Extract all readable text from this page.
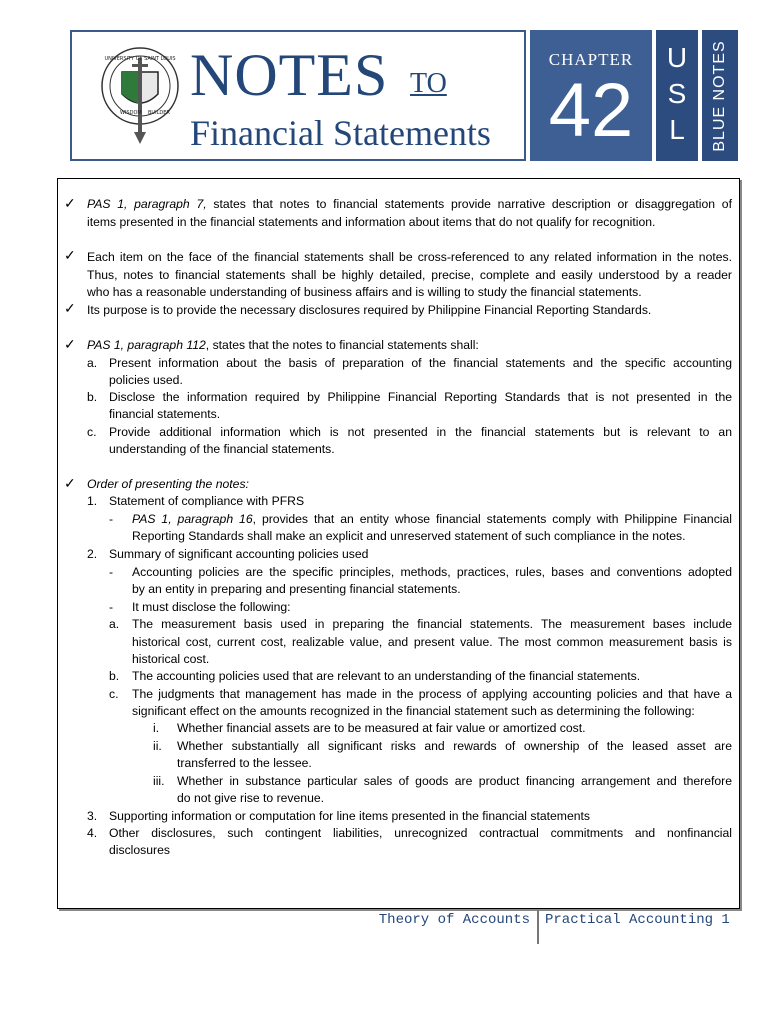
UNIVERSITY OF SAINT LOUIS
WISDOM BUILDER
NOTES TO
Financial Statements
CHAPTER
42
U
S
L	BLUE NOTES
✓ PAS 1, paragraph 7, states that notes to financial statements provide narrative description or disaggregation of
items presented in the financial statements and information about items that do not qualify for recognition.
✓ Each item on the face of the financial statements shall be cross-referenced to any related information in the notes.
Thus, notes to financial statements shall be highly detailed, precise, complete and easily understood by a reader
who has a reasonable understanding of business affairs and is willing to study the financial statements.
✓ Its purpose is to provide the necessary disclosures required by Philippine Financial Reporting Standards.
✓ PAS 1, paragraph 112, states that the notes to financial statements shall:
a. Present information about the basis of preparation of the financial statements and the specific accounting
policies used.
b. Disclose the information required by Philippine Financial Reporting Standards that is not presented in the
financial statements.
c. Provide additional information which is not presented in the financial statements but is relevant to an
understanding of the financial statements.
✓ Order of presenting the notes:
1. Statement of compliance with PFRS
- PAS 1, paragraph 16, provides that an entity whose financial statements comply with Philippine Financial
Reporting Standards shall make an explicit and unreserved statement of such compliance in the notes.
2. Summary of significant accounting policies used
- Accounting policies are the specific principles, methods, practices, rules, bases and conventions adopted
by an entity in preparing and presenting financial statements.
- It must disclose the following:
a. The measurement basis used in preparing the financial statements. The measurement bases include
historical cost, current cost, realizable value, and present value. The most common measurement basis is
historical cost.
b. The accounting policies used that are relevant to an understanding of the financial statements.
c. The judgments that management has made in the process of applying accounting policies and that have a
significant effect on the amounts recognized in the financial statement such as determining the following:
i. Whether financial assets are to be measured at fair value or amortized cost.
ii. Whether substantially all significant risks and rewards of ownership of the leased asset are
transferred to the lessee.
iii. Whether in substance particular sales of goods are product financing arrangement and therefore
do not give rise to revenue.
3. Supporting information or computation for line items presented in the financial statements
4. Other disclosures, such contingent liabilities, unrecognized contractual commitments and nonfinancial
disclosures
Theory of Accounts Practical Accounting 1
